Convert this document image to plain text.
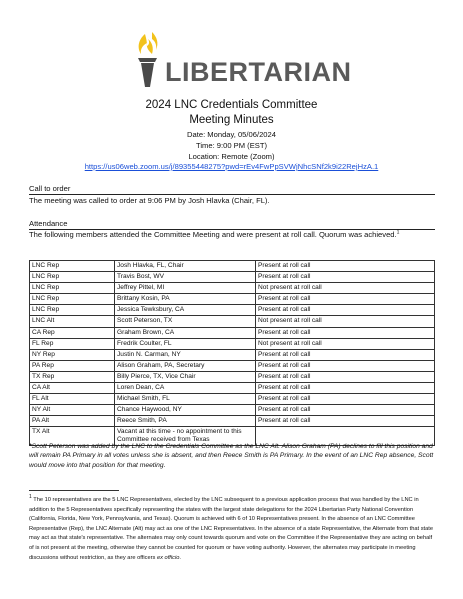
LIBERTARIAN
2024 LNC Credentials Committee
Meeting Minutes
Date: Monday, 05/06/2024
Time: 9:00 PM (EST)
Location: Remote (Zoom)
https://us06web.zoom.us/j/89355448275?pwd=rEv4FwPpSVWjNhcSNf2k9i22RejHzA.1
Call to order
The meeting was called to order at 9:06 PM by Josh Hlavka (Chair, FL).
Attendance
The following members attended the Committee Meeting and were present at roll call. Quorum was achieved.$^1$
LNC Rep	Josh Hlavka, FL, Chair	Present at roll call
LNC Rep	Travis Bost, WV	Present at roll call
LNC Rep	Jeffrey Pittel, MI	Not present at roll call
LNC Rep	Brittany Kosin, PA	Present at roll call
LNC Rep	Jessica Tewksbury, CA	Present at roll call
LNC Alt	Scott Peterson, TX	Not present at roll call
CA Rep	Graham Brown, CA	Present at roll call
FL Rep	Fredrik Coulter, FL	Not present at roll call
NY Rep	Justin N. Carman, NY	Present at roll call
PA Rep	Alison Graham, PA, Secretary	Present at roll call
TX Rep	Billy Pierce, TX, Vice Chair	Present at roll call
CA Alt	Loren Dean, CA	Present at roll call
FL Alt	Michael Smith, FL	Present at roll call
NY Alt	Chance Haywood, NY	Present at roll call
PA Alt	Reece Smith, PA	Present at roll call
TX Alt	Vacant at this time - no appointment to this Committee received from Texas	
*Scott Peterson was added by the LNC to the Credentials Committee as the LNC Alt. Alison Graham (PA) declines to fill this position and will remain PA Primary in all votes unless she is absent, and then Reece Smith is PA Primary. In the event of an LNC Rep absence, Scott would move into that position for that meeting.
$^1$ The 10 representatives are the 5 LNC Representatives, elected by the LNC subsequent to a previous application process that was handled by the LNC in addition to the 5 Representatives specifically representing the states with the largest state delegations for the 2024 Libertarian Party National Convention (California, Florida, New York, Pennsylvania, and Texas). Quorum is achieved with 6 of 10 Representatives present. In the absence of an LNC Committee Representative (Rep), the LNC Alternate (Alt) may act as one of the LNC Representatives. In the absence of a state Representative, the Alternate from that state may act as that state's representative. The alternates may only count towards quorum and vote on the Committee if the Representative they are acting on behalf of is not present at the meeting, otherwise they cannot be counted for quorum or have voting authority. However, the alternates may participate in meeting discussions without restriction, as they are officers ex officio.
